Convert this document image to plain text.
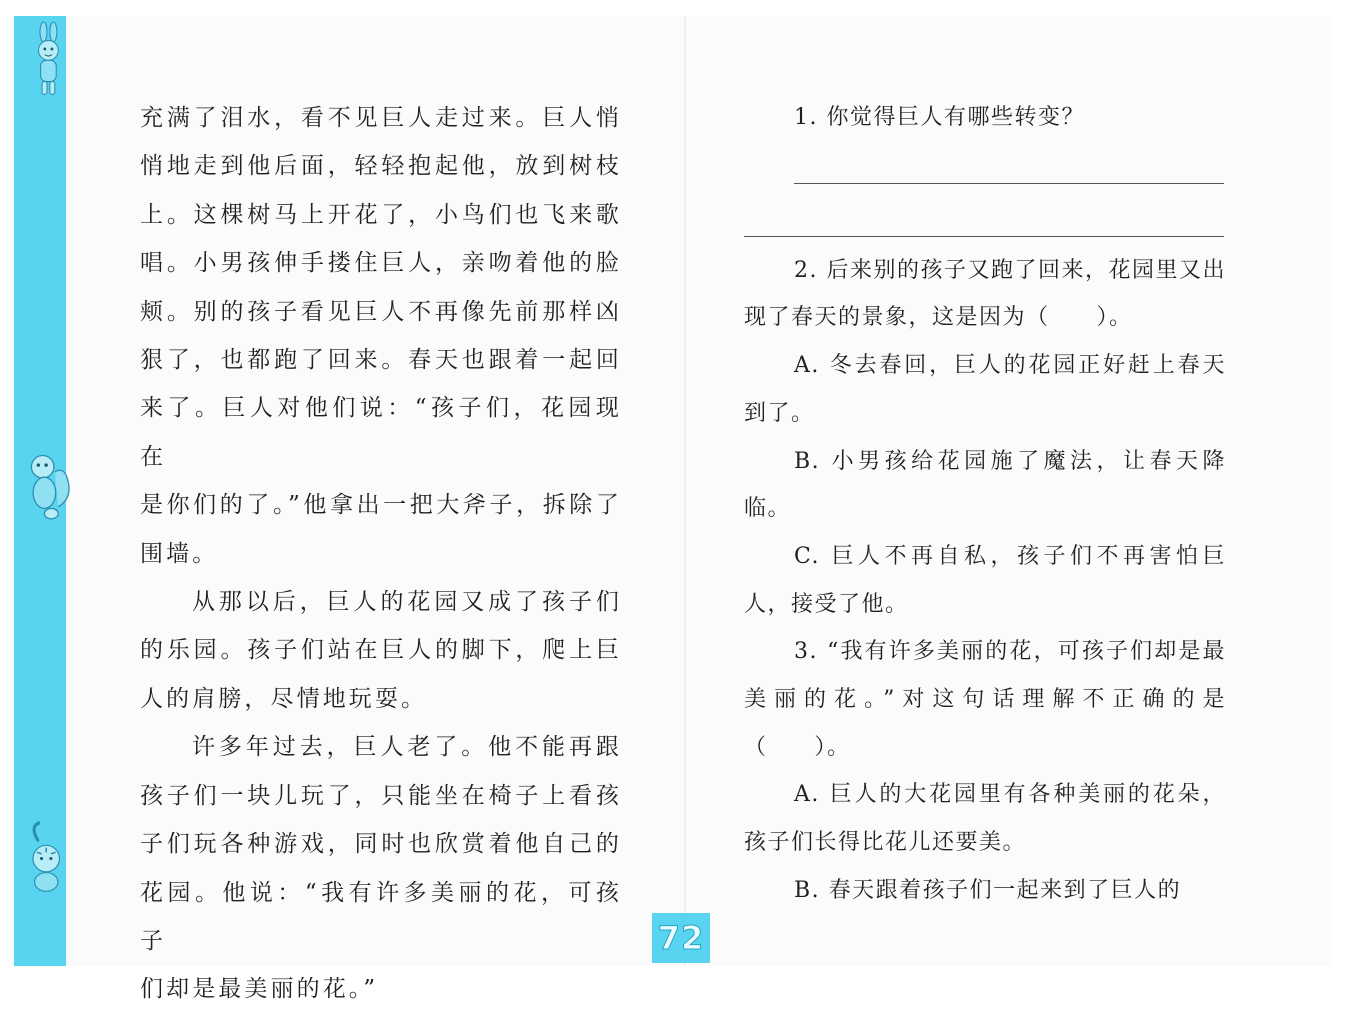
充满了泪水，看不见巨人走过来。巨人悄

悄地走到他后面，轻轻抱起他，放到树枝

上。这棵树马上开花了，小鸟们也飞来歌

唱。小男孩伸手搂住巨人，亲吻着他的脸

颊。别的孩子看见巨人不再像先前那样凶

狠了，也都跑了回来。春天也跟着一起回

来了。巨人对他们说：“孩子们，花园现在

是你们的了。”他拿出一把大斧子，拆除了

围墙。

从那以后，巨人的花园又成了孩子们

的乐园。孩子们站在巨人的脚下，爬上巨

人的肩膀，尽情地玩耍。

许多年过去，巨人老了。他不能再跟

孩子们一块儿玩了，只能坐在椅子上看孩

子们玩各种游戏，同时也欣赏着他自己的

花园。他说：“我有许多美丽的花，可孩子

们却是最美丽的花。”

1. 你觉得巨人有哪些转变？

2. 后来别的孩子又跑了回来，花园里又出现了春天的景象，这是因为（　　）。

A. 冬去春回，巨人的花园正好赶上春天到了。

B. 小男孩给花园施了魔法，让春天降临。

C. 巨人不再自私，孩子们不再害怕巨人，接受了他。

3. “我有许多美丽的花，可孩子们却是最美丽的花。”对这句话理解不正确的是（　　）。

A. 巨人的大花园里有各种美丽的花朵，孩子们长得比花儿还要美。

B. 春天跟着孩子们一起来到了巨人的

72
